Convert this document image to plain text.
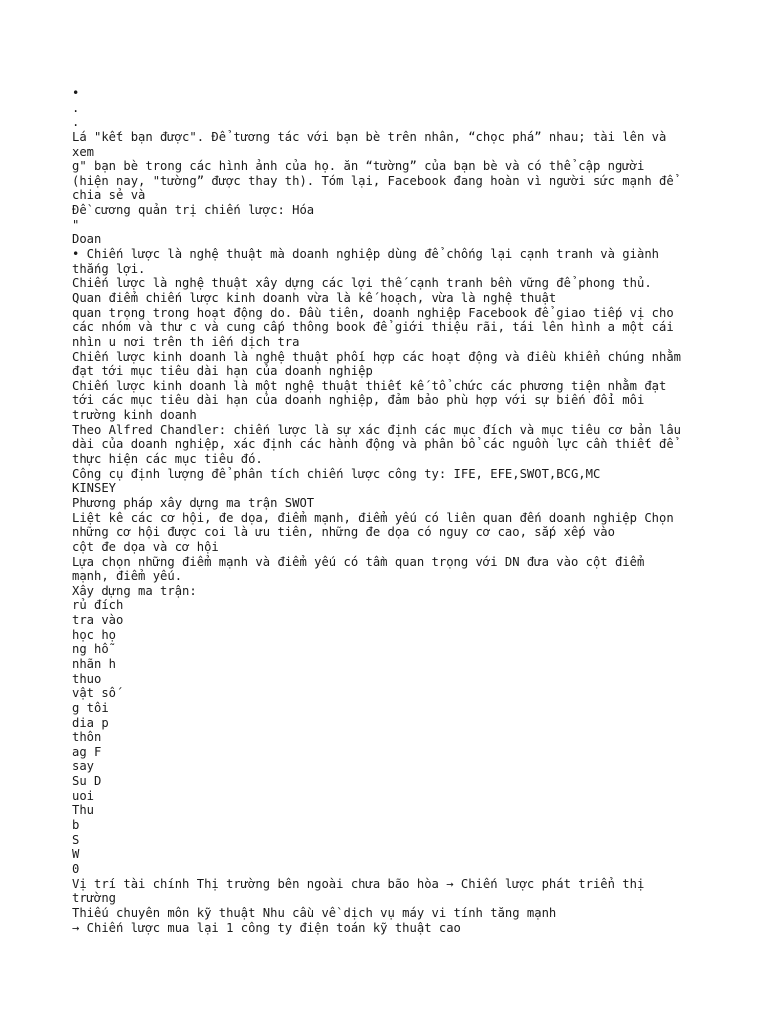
•
.
.
Lá "kết bạn được". Để tương tác với bạn bè trên nhân, “chọc phá” nhau; tài lên và
xem
g" bạn bè trong các hình ảnh của họ. ăn “tường” của bạn bè và có thể cập người
(hiện nay, "tường” được thay th). Tóm lại, Facebook đang hoàn vì người sức mạnh để
chia sẻ và
Đề cương quản trị chiến lược: Hóa
"
Doan
• Chiến lược là nghệ thuật mà doanh nghiệp dùng để chống lại cạnh tranh và giành
thắng lợi.
Chiến lược là nghệ thuật xây dựng các lợi thế cạnh tranh bền vững để phong thủ.
Quan điểm chiến lược kinh doanh vừa là kế hoạch, vừa là nghệ thuật
quan trọng trong hoạt động do. Đầu tiên, doanh nghiệp Facebook để giao tiếp vị cho
các nhóm và thư c và cung cấp thông book để giới thiệu rãi, tái lên hình a một cái
nhìn u nơi trên th iến dịch tra
Chiến lược kinh doanh là nghệ thuật phối hợp các hoạt động và điều khiển chúng nhằm
đạt tới mục tiêu dài hạn của doanh nghiệp
Chiến lược kinh doanh là một nghệ thuật thiết kế tổ chức các phương tiện nhằm đạt
tới các mục tiêu dài hạn của doanh nghiệp, đảm bảo phù hợp với sự biến đổi môi
trường kinh doanh
Theo Alfred Chandler: chiến lược là sự xác định các mục đích và mục tiêu cơ bản lâu
dài của doanh nghiệp, xác định các hành động và phân bổ các nguồn lực cần thiết để
thực hiện các mục tiêu đó.
Công cụ định lượng để phân tích chiến lược công ty: IFE, EFE,SWOT,BCG,MC
KINSEY
Phương pháp xây dựng ma trận SWOT
Liệt kê các cơ hội, đe dọa, điểm mạnh, điểm yếu có liên quan đến doanh nghiệp Chọn
những cơ hội được coi là ưu tiên, những đe dọa có nguy cơ cao, sắp xếp vào
cột đe dọa và cơ hội
Lựa chọn những điểm mạnh và điểm yếu có tầm quan trọng với DN đưa vào cột điểm
mạnh, điểm yếu.
Xây dựng ma trận:
rủ đích
tra vào
học họ
ng hỗ
nhãn h
thuo
vật số
g tôi
dia p
thôn
ag F
say
Su D
uoi
Thu
b
S
W
0
Vị trí tài chính Thị trường bên ngoài chưa bão hòa → Chiến lược phát triển thị
trường
Thiếu chuyên môn kỹ thuật Nhu cầu về dịch vụ máy vi tính tăng mạnh
→ Chiến lược mua lại 1 công ty điện toán kỹ thuật cao
